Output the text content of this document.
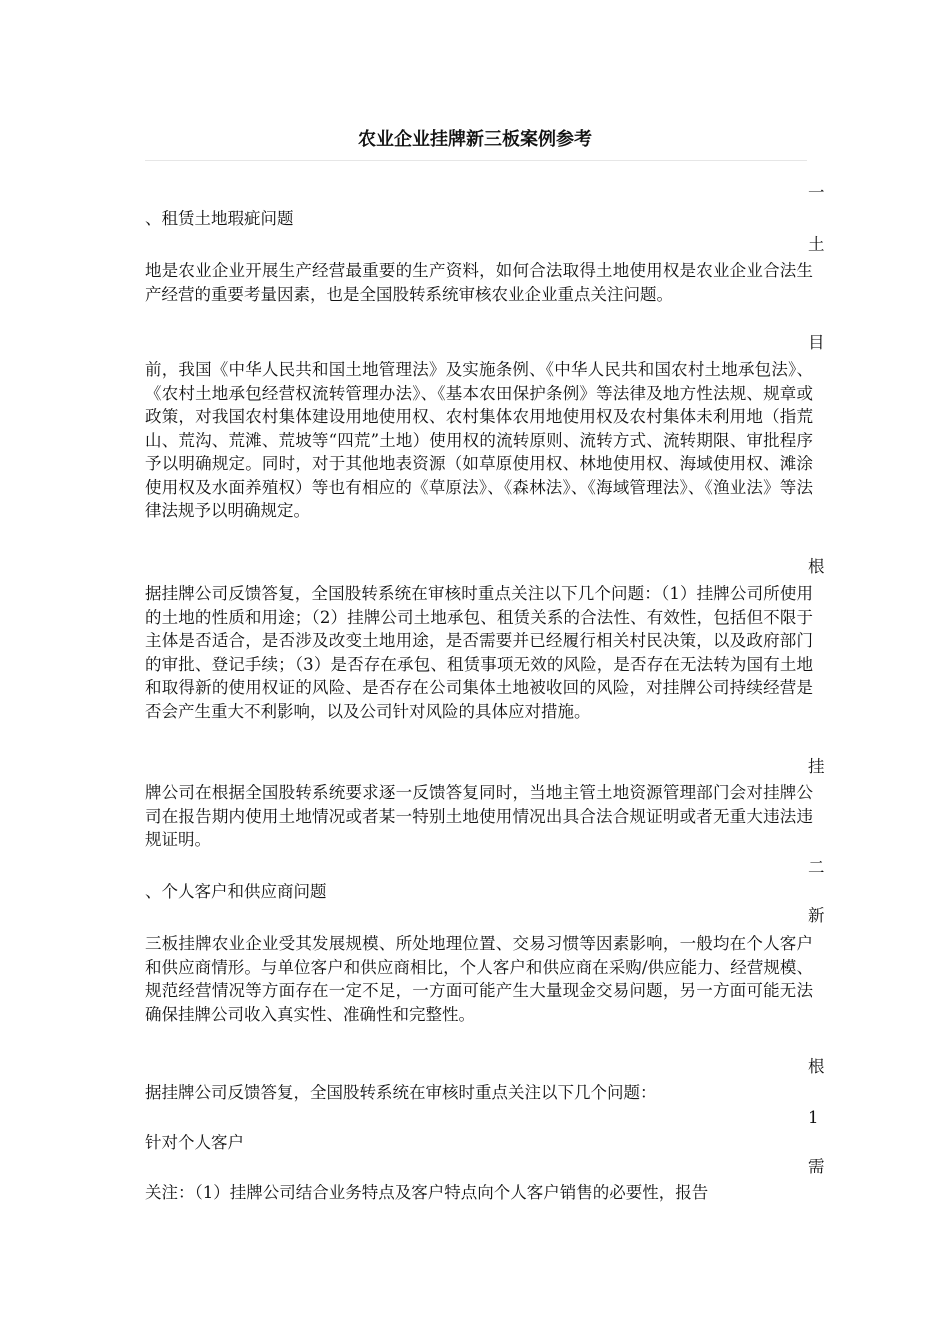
农业企业挂牌新三板案例参考
一
土
目
根
挂
二
新
根
1
需

、租赁土地瑕疵问题

地是农业企业开展生产经营最重要的生产资料，如何合法取得土地使用权是农业企业合法生产经营的重要考量因素，也是全国股转系统审核农业企业重点关注问题。

前，我国《中华人民共和国土地管理法》及实施条例、《中华人民共和国农村土地承包法》、《农村土地承包经营权流转管理办法》、《基本农田保护条例》等法律及地方性法规、规章或政策，对我国农村集体建设用地使用权、农村集体农用地使用权及农村集体未利用地（指荒山、荒沟、荒滩、荒坡等“四荒”土地）使用权的流转原则、流转方式、流转期限、审批程序予以明确规定。同时，对于其他地表资源（如草原使用权、林地使用权、海域使用权、滩涂使用权及水面养殖权）等也有相应的《草原法》、《森林法》、《海域管理法》、《渔业法》等法律法规予以明确规定。

据挂牌公司反馈答复，全国股转系统在审核时重点关注以下几个问题：（1）挂牌公司所使用的土地的性质和用途；（2）挂牌公司土地承包、租赁关系的合法性、有效性，包括但不限于主体是否适合，是否涉及改变土地用途，是否需要并已经履行相关村民决策，以及政府部门的审批、登记手续；（3）是否存在承包、租赁事项无效的风险，是否存在无法转为国有土地和取得新的使用权证的风险、是否存在公司集体土地被收回的风险，对挂牌公司持续经营是否会产生重大不利影响，以及公司针对风险的具体应对措施。

牌公司在根据全国股转系统要求逐一反馈答复同时，当地主管土地资源管理部门会对挂牌公司在报告期内使用土地情况或者某一特别土地使用情况出具合法合规证明或者无重大违法违规证明。

、个人客户和供应商问题

三板挂牌农业企业受其发展规模、所处地理位置、交易习惯等因素影响，一般均在个人客户和供应商情形。与单位客户和供应商相比，个人客户和供应商在采购/供应能力、经营规模、规范经营情况等方面存在一定不足，一方面可能产生大量现金交易问题，另一方面可能无法确保挂牌公司收入真实性、准确性和完整性。

据挂牌公司反馈答复，全国股转系统在审核时重点关注以下几个问题：

针对个人客户

关注：（1）挂牌公司结合业务特点及客户特点向个人客户销售的必要性，报告
